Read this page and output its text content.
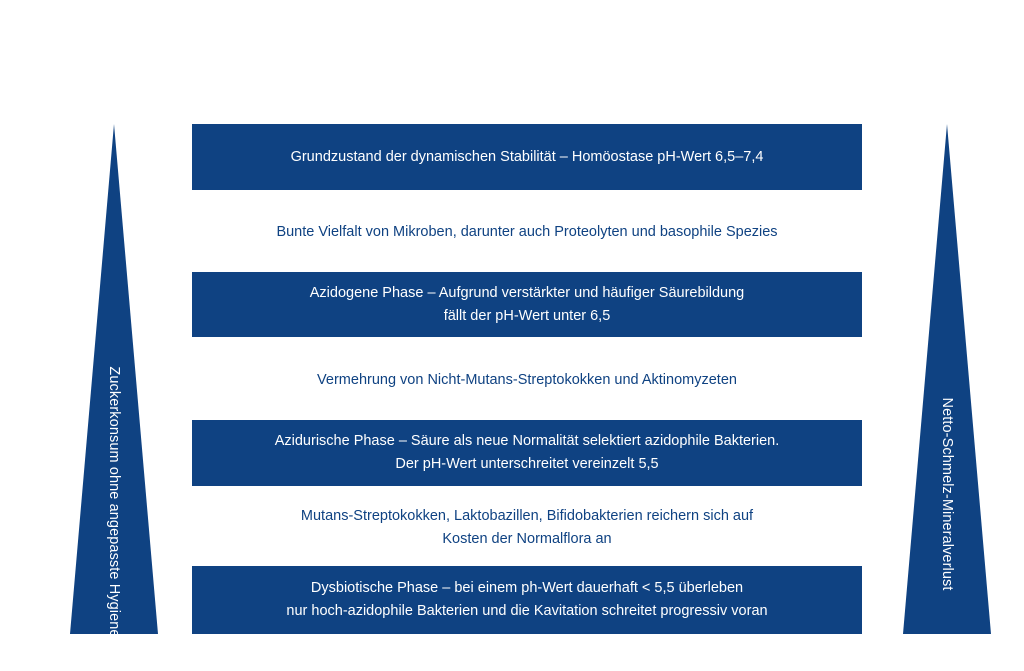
Zuckerkonsum ohne angepasste Hygiene	Netto-Schmelz-Mineralverlust
Grundzustand der dynamischen Stabilität – Homöostase pH-Wert 6,5–7,4
Bunte Vielfalt von Mikroben, darunter auch Proteolyten und basophile Spezies
Azidogene Phase – Aufgrund verstärkter und häufiger Säurebildung
fällt der pH-Wert unter 6,5
Vermehrung von Nicht-Mutans-Streptokokken und Aktinomyzeten
Azidurische Phase – Säure als neue Normalität selektiert azidophile Bakterien.
Der pH-Wert unterschreitet vereinzelt 5,5
Mutans-Streptokokken, Laktobazillen, Bifidobakterien reichern sich auf
Kosten der Normalflora an
Dysbiotische Phase – bei einem ph-Wert dauerhaft < 5,5 überleben
nur hoch-azidophile Bakterien und die Kavitation schreitet progressiv voran
